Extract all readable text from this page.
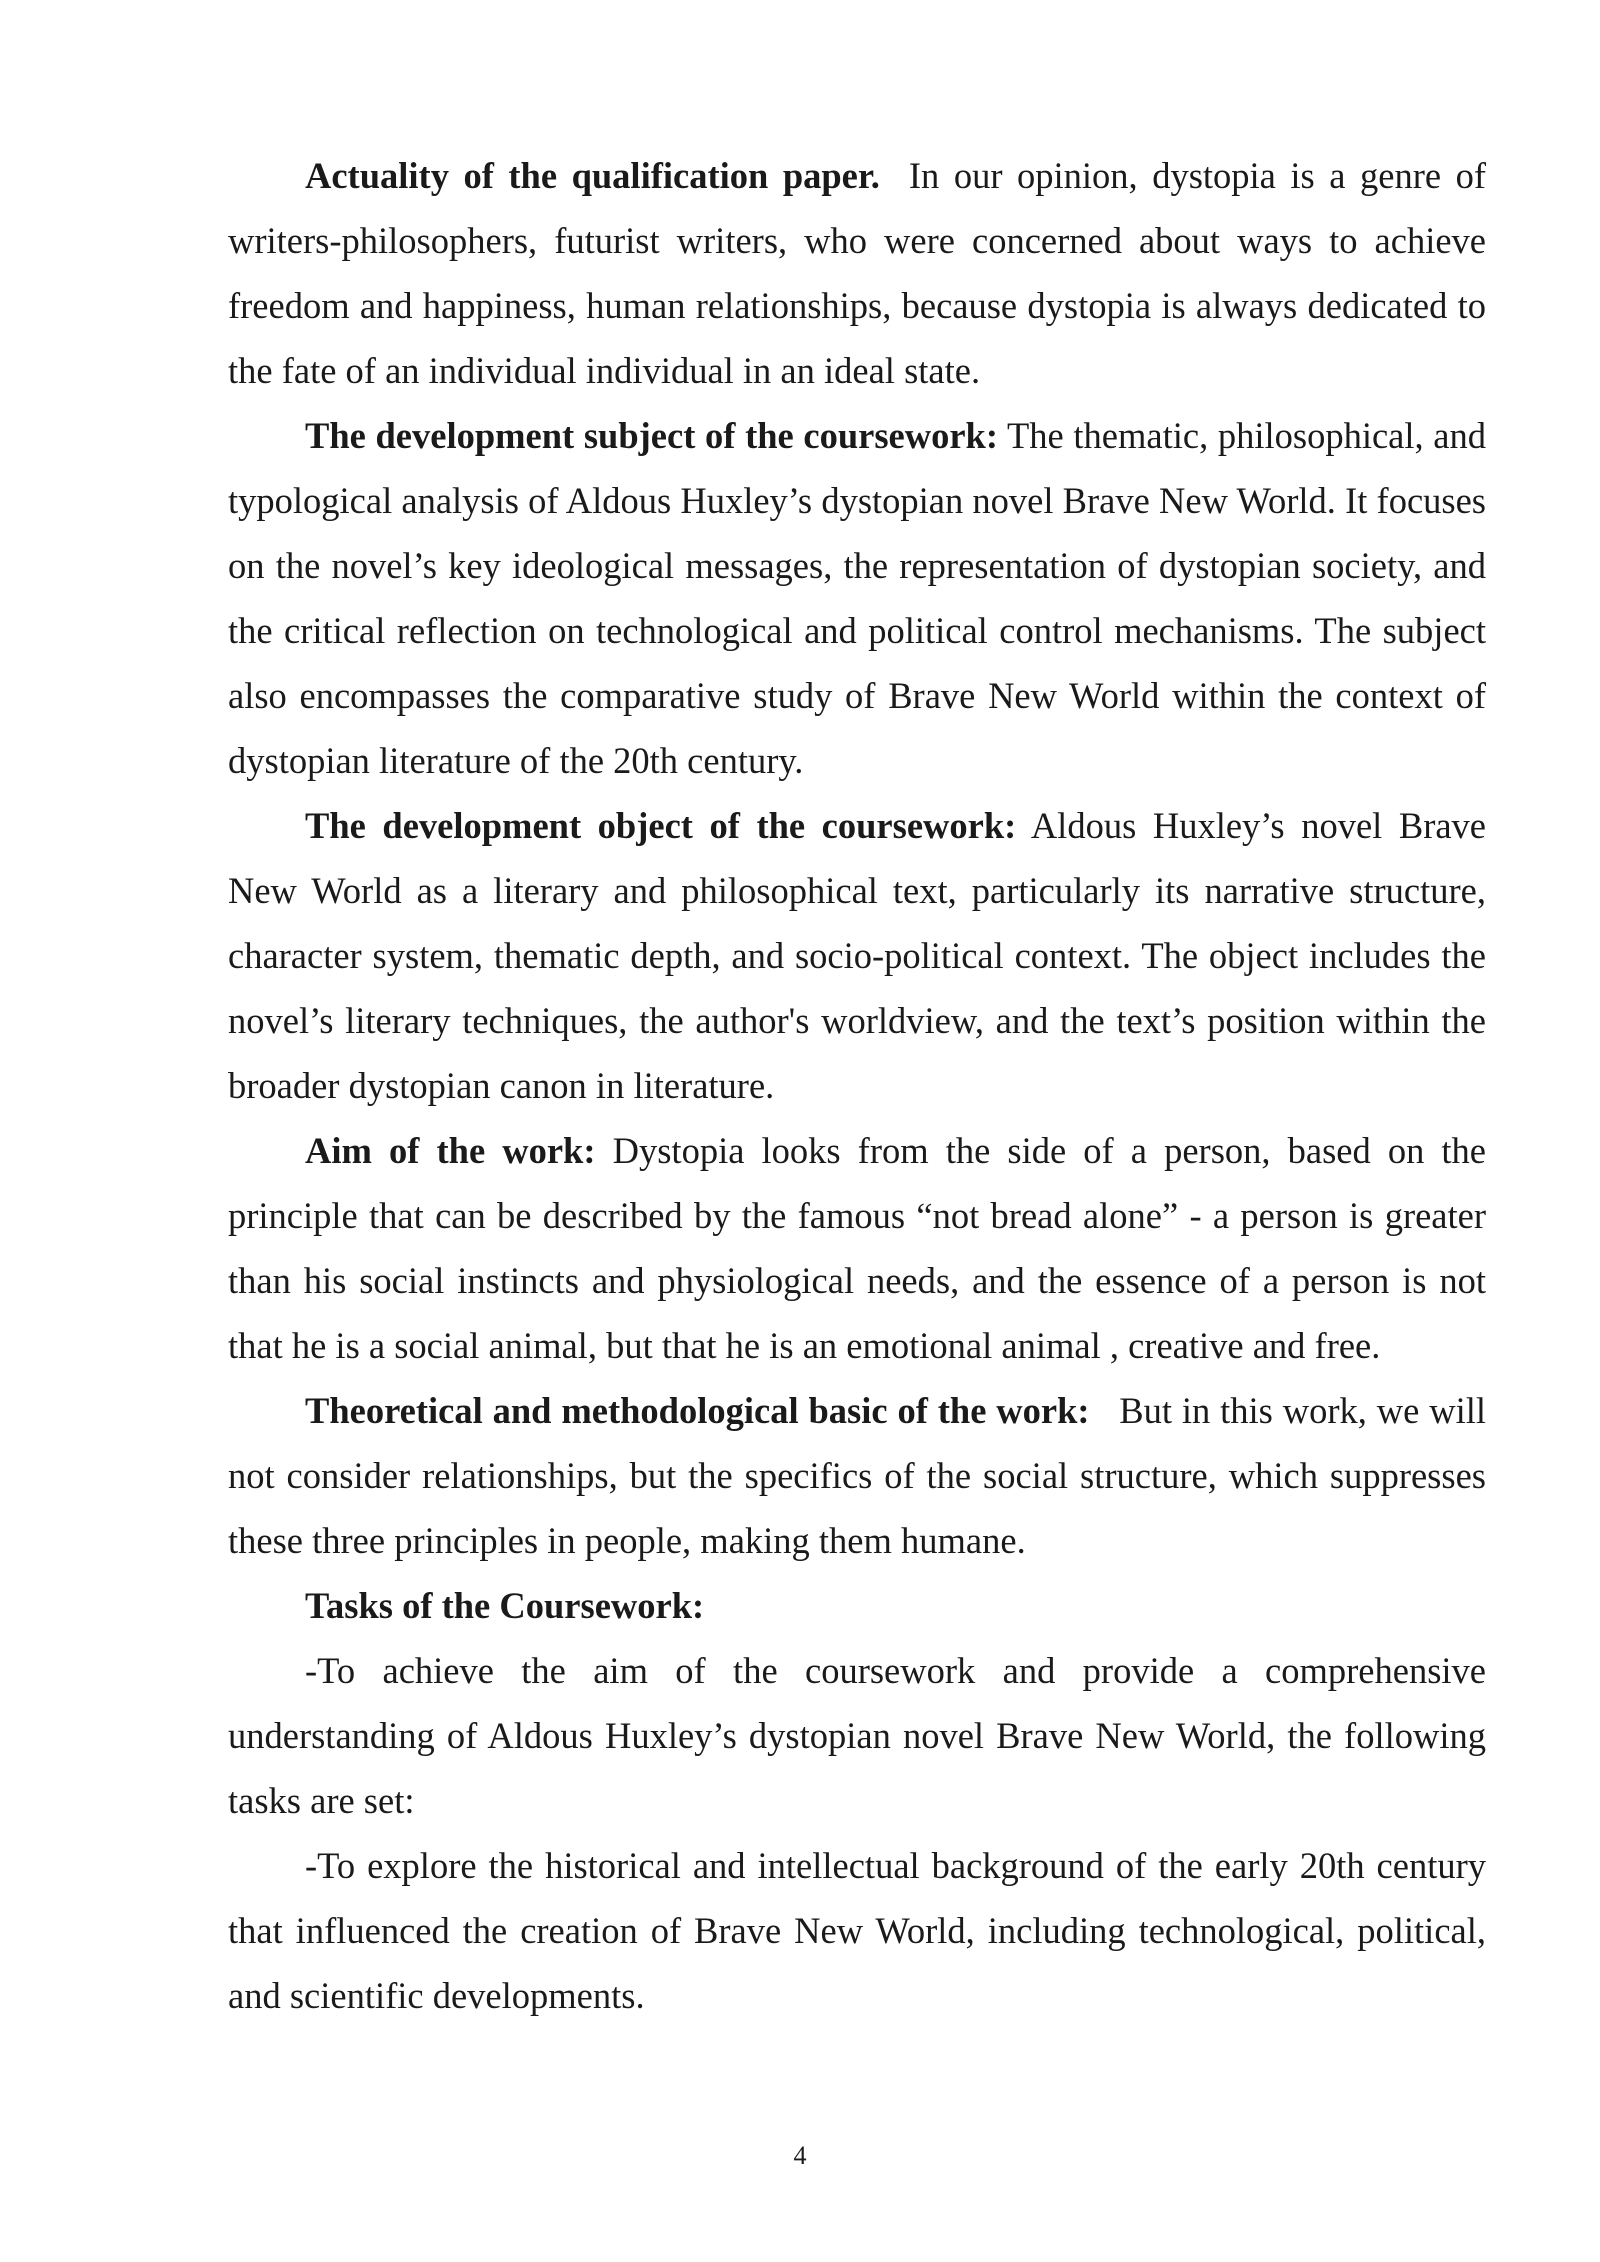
Actuality of the qualification paper.  In our opinion, dystopia is a genre of writers-philosophers, futurist writers, who were concerned about ways to achieve freedom and happiness, human relationships, because dystopia is always dedicated to the fate of an individual individual in an ideal state.

The development subject of the coursework: The thematic, philosophical, and typological analysis of Aldous Huxley’s dystopian novel Brave New World. It focuses on the novel’s key ideological messages, the representation of dystopian society, and the critical reflection on technological and political control mechanisms. The subject also encompasses the comparative study of Brave New World within the context of dystopian literature of the 20th century.

The development object of the coursework: Aldous Huxley’s novel Brave New World as a literary and philosophical text, particularly its narrative structure, character system, thematic depth, and socio-political context. The object includes the novel’s literary techniques, the author's worldview, and the text’s position within the broader dystopian canon in literature.

Aim of the work: Dystopia looks from the side of a person, based on the principle that can be described by the famous “not bread alone” - a person is greater than his social instincts and physiological needs, and the essence of a person is not that he is a social animal, but that he is an emotional animal , creative and free.

Theoretical and methodological basic of the work:   But in this work, we will not consider relationships, but the specifics of the social structure, which suppresses these three principles in people, making them humane.

Tasks of the Coursework:

-To achieve the aim of the coursework and provide a comprehensive understanding of Aldous Huxley’s dystopian novel Brave New World, the following tasks are set:

-To explore the historical and intellectual background of the early 20th century that influenced the creation of Brave New World, including technological, political, and scientific developments.

4
